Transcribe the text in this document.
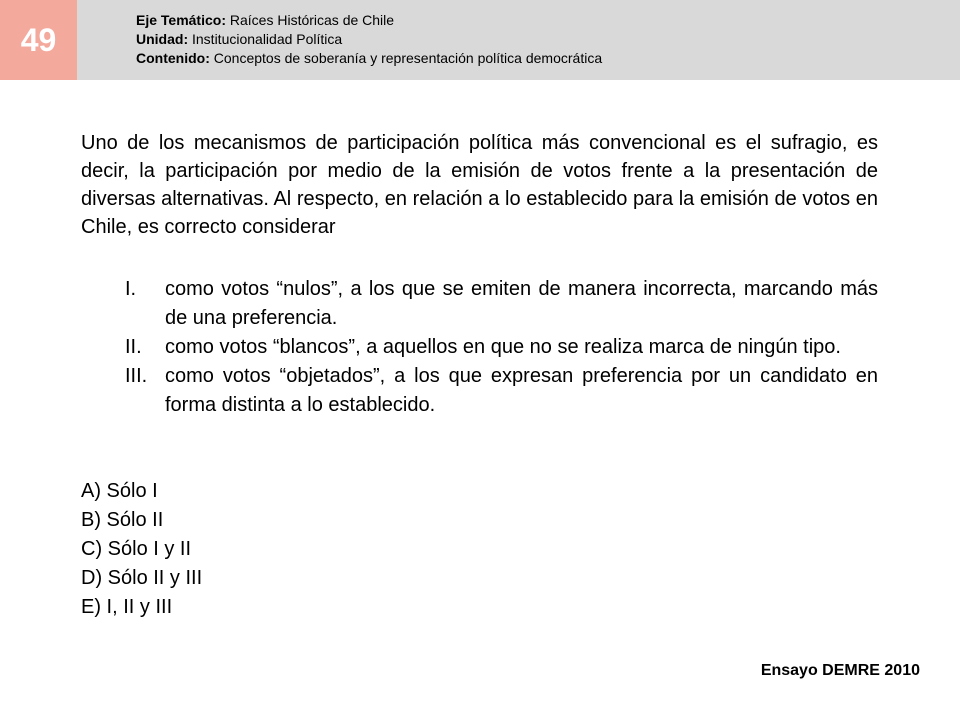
49
Eje Temático: Raíces Históricas de Chile
Unidad: Institucionalidad Política
Contenido: Conceptos de soberanía y representación política democrática
Uno de los mecanismos de participación política más convencional es el sufragio, es decir, la participación por medio de la emisión de votos frente a la presentación de diversas alternativas. Al respecto, en relación a lo establecido para la emisión de votos en Chile, es correcto considerar
I.	como votos “nulos”, a los que se emiten de manera incorrecta, marcando más de una preferencia.
II.	como votos “blancos”, a aquellos en que no se realiza marca de ningún tipo.
III. como votos “objetados”, a los que expresan preferencia por un candidato en forma distinta a lo establecido.
A) Sólo I
B) Sólo II
C) Sólo I y II
D) Sólo II y III
E) I, II y III
Ensayo DEMRE 2010
